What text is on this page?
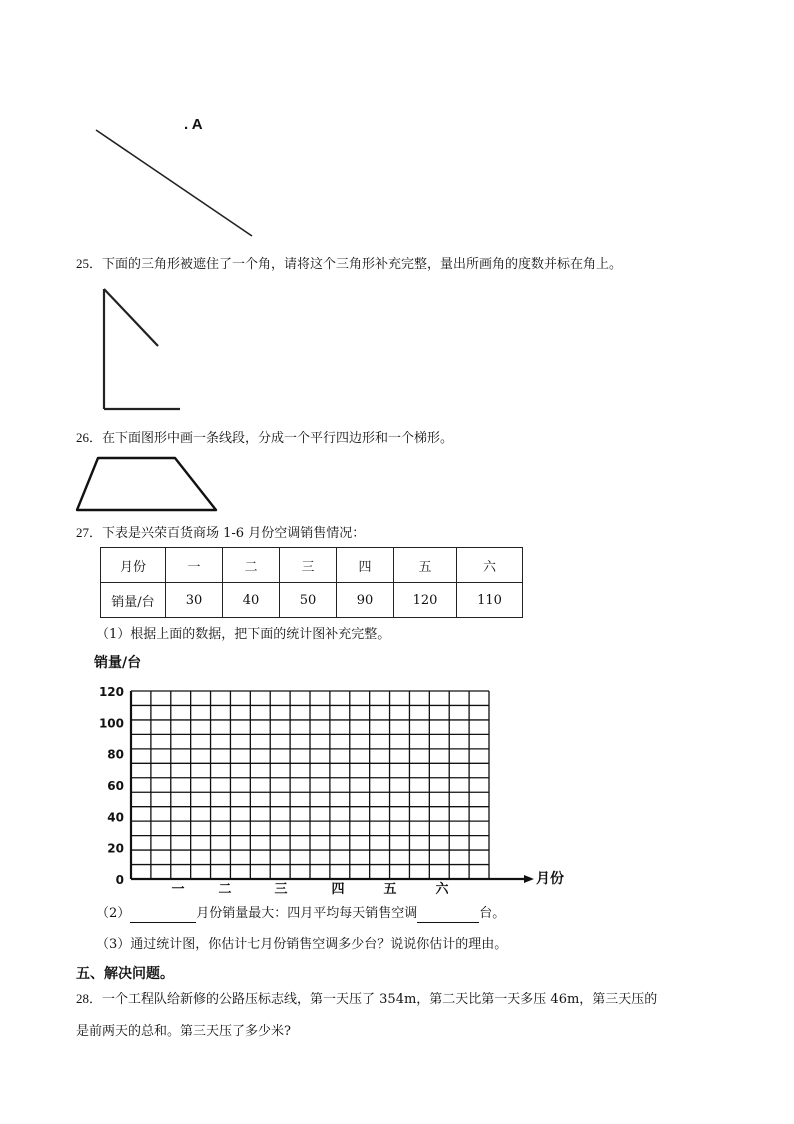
. A
25．下面的三角形被遮住了一个角，请将这个三角形补充完整，量出所画角的度数并标在角上。
26．在下面图形中画一条线段，分成一个平行四边形和一个梯形。
27．下表是兴荣百货商场 1-6 月份空调销售情况：
月份	一	二	三	四	五	六
销量/台	30	40	50	90	120	110
（1）根据上面的数据，把下面的统计图补充完整。
销量/台
0
20
40
60
80
100
120
一	二	三	四	五	六
月份
（2）	月份销量最大：四月平均每天销售空调	台。
（3）通过统计图，你估计七月份销售空调多少台？说说你估计的理由。
五、解决问题。
28．一个工程队给新修的公路压标志线，第一天压了 354m，第二天比第一天多压 46m，第三天压的
是前两天的总和。第三天压了多少米?
